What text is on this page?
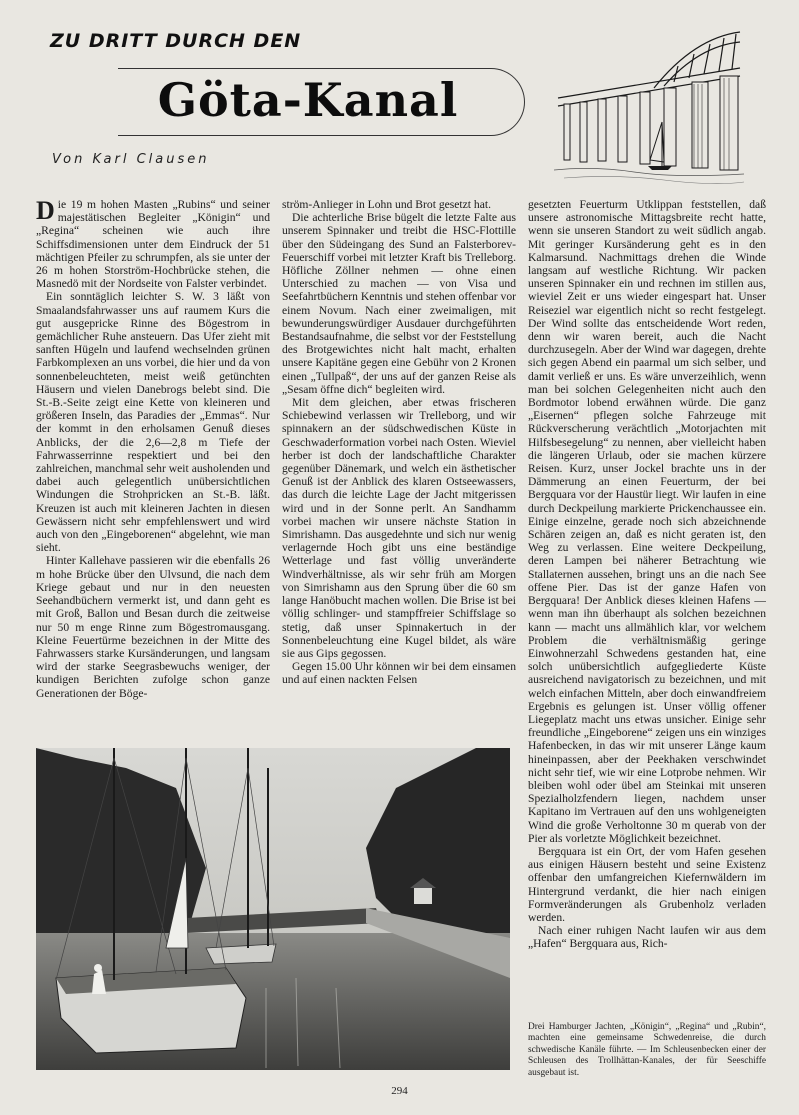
ZU DRITT DURCH DEN
Göta-Kanal
Von Karl Clausen

Die 19 m hohen Masten „Rubins“ und seiner majestätischen Begleiter „Königin“ und „Regina“ scheinen wie auch ihre Schiffsdimensionen unter dem Eindruck der 51 mächtigen Pfeiler zu schrumpfen, als sie unter der 26 m hohen Storström-Hochbrücke stehen, die Masnedö mit der Nordseite von Falster verbindet.

Ein sonntäglich leichter S. W. 3 läßt von Smaalandsfahrwasser uns auf raumem Kurs die gut ausgepricke Rinne des Bögestrom in gemächlicher Ruhe ansteuern. Das Ufer zieht mit sanften Hügeln und laufend wechselnden grünen Farbkomplexen an uns vorbei, die hier und da von sonnenbeleuchteten, meist weiß getünchten Häusern und vielen Danebrogs belebt sind. Die St.-B.-Seite zeigt eine Kette von kleineren und größeren Inseln, das Paradies der „Emmas“. Nur der kommt in den erholsamen Genuß dieses Anblicks, der die 2,6—2,8 m Tiefe der Fahrwasserrinne respektiert und bei den zahlreichen, manchmal sehr weit ausholenden und dabei auch gelegentlich unübersichtlichen Windungen die Strohpricken an St.-B. läßt. Kreuzen ist auch mit kleineren Jachten in diesen Gewässern nicht sehr empfehlenswert und wird auch von den „Eingeborenen“ abgelehnt, wie man sieht.

Hinter Kallehave passieren wir die ebenfalls 26 m hohe Brücke über den Ulvsund, die nach dem Kriege gebaut und nur in den neuesten Seehandbüchern vermerkt ist, und dann geht es mit Groß, Ballon und Besan durch die zeitweise nur 50 m enge Rinne zum Bögestromausgang. Kleine Feuertürme bezeichnen in der Mitte des Fahrwassers starke Kursänderungen, und langsam wird der starke Seegrasbewuchs weniger, der kundigen Berichten zufolge schon ganze Generationen der Böge-

ström-Anlieger in Lohn und Brot gesetzt hat.

Die achterliche Brise bügelt die letzte Falte aus unserem Spinnaker und treibt die HSC-Flottille über den Südeingang des Sund an Falsterborev-Feuerschiff vorbei mit letzter Kraft bis Trelleborg. Höfliche Zöllner nehmen — ohne einen Unterschied zu machen — von Visa und Seefahrtbüchern Kenntnis und stehen offenbar vor einem Novum. Nach einer zweimaligen, mit bewunderungswürdiger Ausdauer durchgeführten Bestandsaufnahme, die selbst vor der Feststellung des Brotgewichtes nicht halt macht, erhalten unsere Kapitäne gegen eine Gebühr von 2 Kronen einen „Tullpaß“, der uns auf der ganzen Reise als „Sesam öffne dich“ begleiten wird.

Mit dem gleichen, aber etwas frischeren Schiebewind verlassen wir Trelleborg, und wir spinnakern an der südschwedischen Küste in Geschwaderformation vorbei nach Osten. Wieviel herber ist doch der landschaftliche Charakter gegenüber Dänemark, und welch ein ästhetischer Genuß ist der Anblick des klaren Ostseewassers, das durch die leichte Lage der Jacht mitgerissen wird und in der Sonne perlt. An Sandhamm vorbei machen wir unsere nächste Station in Simrishamn. Das ausgedehnte und sich nur wenig verlagernde Hoch gibt uns eine beständige Wetterlage und fast völlig unveränderte Windverhältnisse, als wir sehr früh am Morgen von Simrishamn aus den Sprung über die 60 sm lange Hanöbucht machen wollen. Die Brise ist bei völlig schlinger- und stampffreier Schiffslage so stetig, daß unser Spinnakertuch in der Sonnenbeleuchtung eine Kugel bildet, als wäre sie aus Gips gegossen.

Gegen 15.00 Uhr können wir bei dem einsamen und auf einen nackten Felsen

gesetzten Feuerturm Utklippan feststellen, daß unsere astronomische Mittagsbreite recht hatte, wenn sie unseren Standort zu weit südlich angab. Mit geringer Kursänderung geht es in den Kalmarsund. Nachmittags drehen die Winde langsam auf westliche Richtung. Wir packen unseren Spinnaker ein und rechnen im stillen aus, wieviel Zeit er uns wieder eingespart hat. Unser Reiseziel war eigentlich nicht so recht festgelegt. Der Wind sollte das entscheidende Wort reden, denn wir waren bereit, auch die Nacht durchzusegeln. Aber der Wind war dagegen, drehte sich gegen Abend ein paarmal um sich selber, und damit verließ er uns. Es wäre unverzeihlich, wenn man bei solchen Gelegenheiten nicht auch den Bordmotor lobend erwähnen würde. Die ganz „Eisernen“ pflegen solche Fahrzeuge mit Rückverscherung verächtlich „Motorjachten mit Hilfsbesegelung“ zu nennen, aber vielleicht haben die längeren Urlaub, oder sie machen kürzere Reisen. Kurz, unser Jockel brachte uns in der Dämmerung an einen Feuerturm, der bei Bergquara vor der Haustür liegt. Wir laufen in eine durch Deckpeilung markierte Prickenchaussee ein. Einige einzelne, gerade noch sich abzeichnende Schären zeigen an, daß es nicht geraten ist, den Weg zu verlassen. Eine weitere Deckpeilung, deren Lampen bei näherer Betrachtung wie Stallaternen aussehen, bringt uns an die nach See offene Pier. Das ist der ganze Hafen von Bergquara! Der Anblick dieses kleinen Hafens — wenn man ihn überhaupt als solchen bezeichnen kann — macht uns allmählich klar, vor welchem Problem die verhältnismäßig geringe Einwohnerzahl Schwedens gestanden hat, eine solch unübersichtlich aufgegliederte Küste ausreichend navigatorisch zu bezeichnen, und mit welch einfachen Mitteln, aber doch einwandfreiem Ergebnis es gelungen ist. Unser völlig offener Liegeplatz macht uns etwas unsicher. Einige sehr freundliche „Eingeborene“ zeigen uns ein winziges Hafenbecken, in das wir mit unserer Länge kaum hineinpassen, aber der Peekhaken verschwindet nicht sehr tief, wie wir eine Lotprobe nehmen. Wir bleiben wohl oder übel am Steinkai mit unseren Spezialholzfendern liegen, nachdem unser Kapitano im Vertrauen auf den uns wohlgeneigten Wind die große Verholtonne 30 m querab von der Pier als vorletzte Möglichkeit bezeichnet.

Bergquara ist ein Ort, der vom Hafen gesehen aus einigen Häusern besteht und seine Existenz offenbar den umfangreichen Kiefernwäldern im Hintergrund verdankt, die hier nach einigen Formveränderungen als Grubenholz verladen werden.

Nach einer ruhigen Nacht laufen wir aus dem „Hafen“ Bergquara aus, Rich-

Drei Hamburger Jachten, „Königin“, „Regina“ und „Rubin“, machten eine gemeinsame Schwedenreise, die durch schwedische Kanäle führte. — Im Schleusenbecken einer der Schleusen des Trollhättan-Kanales, der für Seeschiffe ausgebaut ist.
294
